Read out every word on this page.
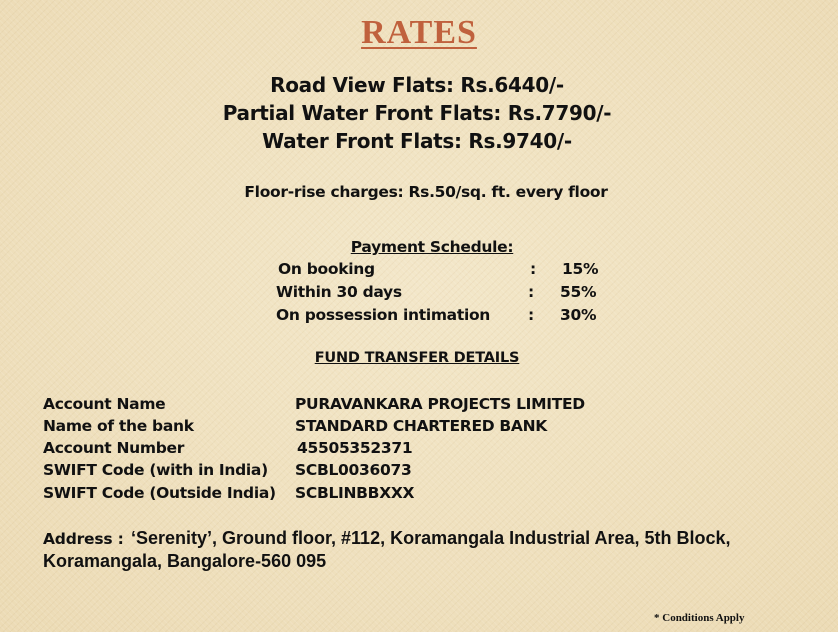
RATES
Road View Flats: Rs.6440/-
Partial Water Front Flats: Rs.7790/-
Water Front Flats: Rs.9740/-
Floor-rise charges: Rs.50/sq. ft. every floor
Payment Schedule:
On booking	: 15%
Within 30 days	: 55%
On possession intimation : 30%
FUND TRANSFER DETAILS
Account Name	PURAVANKARA PROJECTS LIMITED
Name of the bank	STANDARD CHARTERED BANK
Account Number	45505352371
SWIFT Code (with in India) SCBL0036073
SWIFT Code (Outside India) SCBLINBBXXX
Address : ‘Serenity’, Ground floor, #112, Koramangala Industrial Area, 5th Block,
Koramangala, Bangalore-560 095
* Conditions Apply
